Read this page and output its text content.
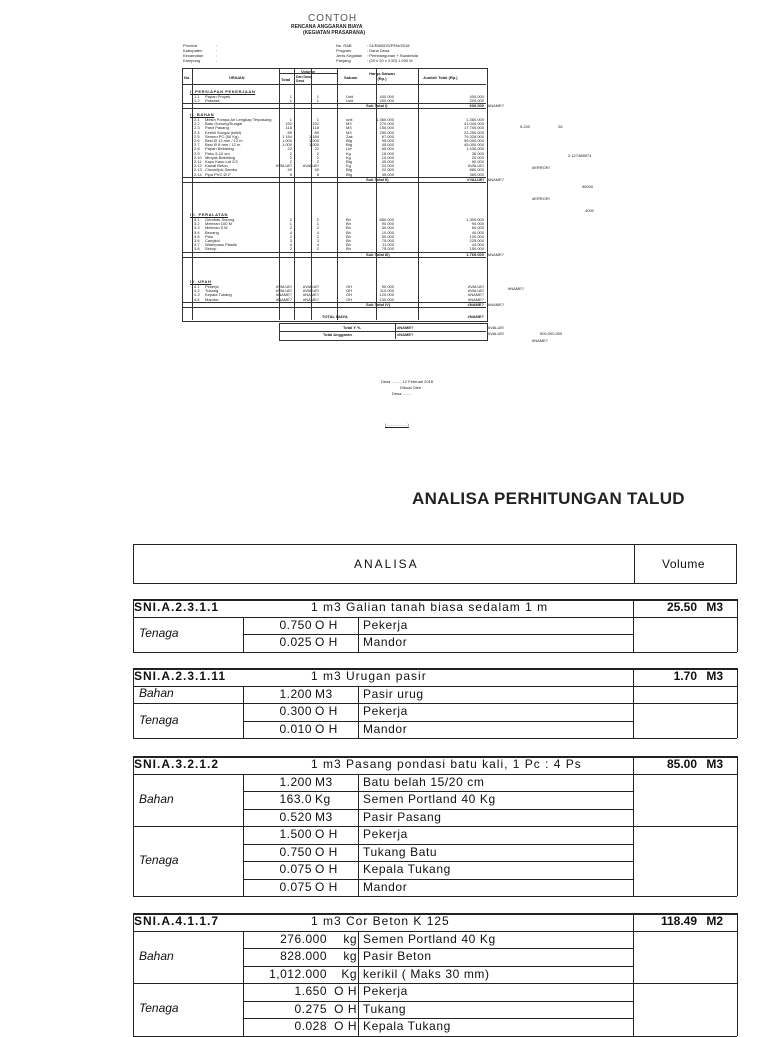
CONTOH
RENCANA ANGGARAN BIAYA
(KEGIATAN PRASARANA)
Provinsi	:
Kabupaten	:
Kecamatan	:
Kampung	:
No. RAB	: 01/RAB/DS/PEM/2018
Program	: Dana Desa
Jenis Kegiatan : Pembangunan + Swakelola
Panjang	: (20 x 20 x 2,50) 1.000 M
No.	URAIAN
Volume
Total Dari Dana Desa
Satuan
Harga Satuan (Rp.)	Jumlah Total (Rp.)
I. PERSIAPAN PEKERJAAN
1.1 Papan Proyek	1	1	Unit	400.000	400.000
1.2 Prasasti	1	1	Unit	200.000	200.000
Sub Total I)	600.000 #NAME?
II. BAHAN
2.1 Mesin Pompa Air Lengkap Terpasang	1	1	unit	1.360.000	1.360.000
2.2 Batu Gunung/Sungai	152	152	M3	270.000	41.040.000
2.3 Pasir Pasang	118	118	M3	150.000	17.700.000
2.4 Kerikil Sungai (krikil)	89	89	M3	250.000	22.250.000
2.5 Semen PC (50 Kg)	1.184	1.184	Zak	67.000	79.328.000
2.6 Besi Ø 12 mm / 12 m	1.000	1.000	Btg	95.000	95.000.000
2.7 Besi Ø 8 mm / 12 m	1.000	1.000	Btg	45.000	45.000.000
2.8 Papan Bekisting	22	22	Lbr	65.000	1.430.000
2.9 Paku 5-10 cm	2	2	Kg	18.000	36.000
2.10 Minyak Bekisting	2	2	Kg	10.000	20.000
2.11 Kayu Kaso Lat 2/3	2	2	Btg	45.000	90.000
2.12 Kawat Beton	#VALUE!	#VALUE!	Kg	22.000	#VALUE!
2.13 Cincin/Ijuk Sambu	40	40	Btg	22.000	880.000
2.14 Pipa PVC Ø 2"	8	8	Btg	45.000	360.000
Sub Total II)	#VALUE! #NAME?
III. PERALATAN
3.1 Gerobak Sorong	2	2	Bh	650.000	1.300.000
3.2 Meteran 100 M	1	1	Bh	90.000	90.000
3.3 Meteran 5 M	2	2	Bh	30.000	60.000
3.4 Benang	4	4	Bh	10.000	40.000
3.5 Palu	2	2	Bh	50.000	100.000
3.6 Cangkul	3	3	Bh	75.000	225.000
3.7 Waterpass Plastik	4	4	Bh	11.000	44.000
3.8 Sekop	2	2	Bh	75.000	150.000
Sub Total III)	1.769.000 #NAME?
IV. UPAH
4.1 Pekerja	#VALUE!	#VALUE!	OH	90.000	#VALUE!
4.2 Tukang	#VALUE!	#VALUE!	OH	110.000	#VALUE!
4.3 Kepala Tukang	#NAME?	#NAME?	OH	120.000	#NAME?
4.4 Mandor	#NAME?	#NAME?	OH	130.000	#NAME?
Sub Total IV)	#NAME? #NAME?
TOTAL BIAYA	#NAME?
Total Y %	#NAME?
Total Anggaran	#NAME?
5.240	26
#ERROR!
2.127488974
96000
#ERROR!
4000
#NAME?
#VALUE!
#VALUE!	500,000,000
#NAME?
Desa ........, 12 Februari 2018
Dibuat Oleh :
Desa ........
(...................)
ANALISA PERHITUNGAN TALUD
ANALISA	Volume
SNI.A.2.3.1.1	1 m3 Galian tanah biasa sedalam 1 m	25.50 M3
Tenaga
0.750 O H	Pekerja
0.025 O H	Mandor
SNI.A.2.3.1.11	1 m3 Urugan pasir	1.70 M3
Bahan	1.200 M3	Pasir urug
Tenaga
0.300 O H	Pekerja
0.010 O H	Mandor
SNI.A.3.2.1.2	1 m3 Pasang pondasi batu kali, 1 Pc : 4 Ps	85.00 M3
Bahan
1.200 M3	Batu belah 15/20 cm
163.0 Kg	Semen Portland 40 Kg
0.520 M3	Pasir Pasang
Tenaga
1.500 O H	Pekerja
0.750 O H	Tukang Batu
0.075 O H	Kepala Tukang
0.075 O H	Mandor
SNI.A.4.1.1.7	1 m3 Cor Beton K 125	118.49 M2
Bahan
276.000	kg Semen Portland 40 Kg
828.000	kg Pasir Beton
1,012.000	Kg kerikil ( Maks 30 mm)
Tenaga
1.650 O H Pekerja
0.275 O H Tukang
0.028 O H Kepala Tukang
